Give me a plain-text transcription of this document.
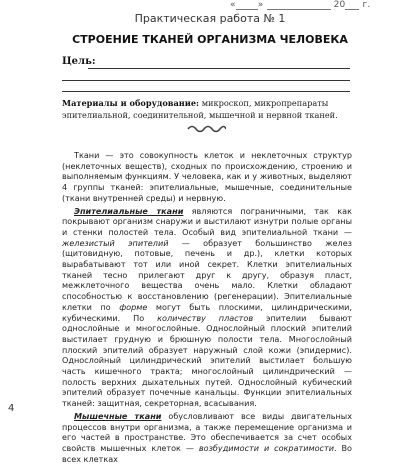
« »	20 г.
Практическая работа № 1
СТРОЕНИЕ ТКАНЕЙ ОРГАНИЗМА ЧЕЛОВЕКА
Цель:
Материалы и оборудование: микроскоп, микропрепараты эпителиальной, соединительной, мышечной и нервной тканей.

Ткани — это совокупность клеток и неклеточных структур (неклеточных веществ), сходных по происхождению, строению и выполняемым функциям. У человека, как и у животных, выделяют 4 группы тканей: эпителиальные, мышечные, соединительные (ткани внутренней среды) и нервную.

Эпителиальные ткани являются пограничными, так как покрывают организм снаружи и выстилают изнутри полые органы и стенки полостей тела. Особый вид эпителиальной ткани — железистый эпителий — образует большинство желез (щитовидную, потовые, печень и др.), клетки которых вырабатывают тот или иной секрет. Клетки эпителиальных тканей тесно прилегают друг к другу, образуя пласт, межклеточного вещества очень мало. Клетки обладают способностью к восстановлению (регенерации). Эпителиальные клетки по форме могут быть плоскими, цилиндрическими, кубическими. По количеству пластов эпителии бывают однослойные и многослойные. Однослойный плоский эпителий выстилает грудную и брюшную полости тела. Многослойный плоский эпителий образует наружный слой кожи (эпидермис). Однослойный цилиндрический эпителий выстилает большую часть кишечного тракта; многослойный цилиндрический — полость верхних дыхательных путей. Однослойный кубический эпителий образует почечные канальцы. Функции эпителиальных тканей: защитная, секреторная, всасывания.

Мышечные ткани обусловливают все виды двигательных процессов внутри организма, а также перемещение организма и его частей в пространстве. Это обеспечивается за счет особых свойств мышечных клеток — возбудимости и сократимости. Во всех клетках

4
